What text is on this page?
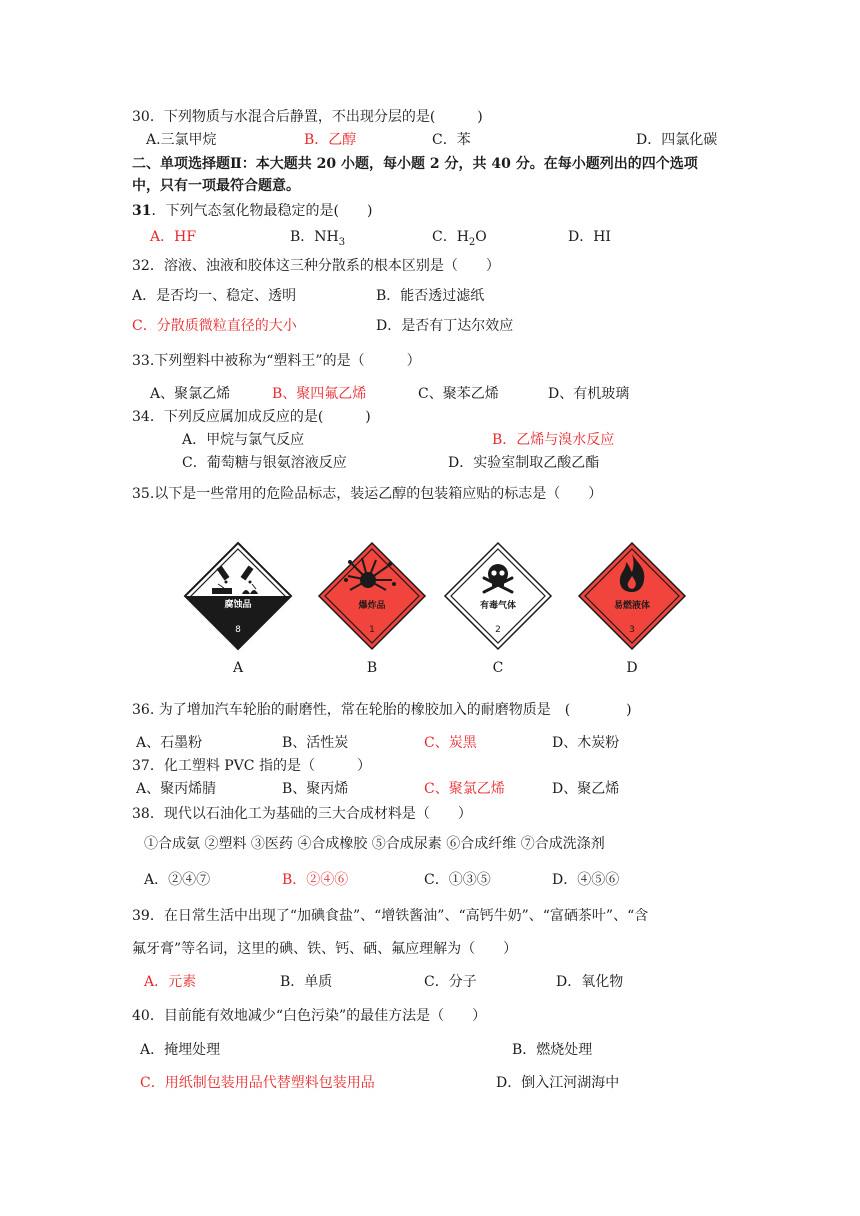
30．下列物质与水混合后静置，不出现分层的是(　　　)
A.三氯甲烷	B．乙醇	C．苯	D．四氯化碳
二、单项选择题Ⅱ：本大题共 20 小题，每小题 2 分，共 40 分。在每小题列出的四个选项
中，只有一项最符合题意。
31．下列气态氢化物最稳定的是(　　)
A．HF	B．$NH_3$	C．$H_2O$	D．HI
32．溶液、浊液和胶体这三种分散系的根本区别是（　　）
A．是否均一、稳定、透明	B．能否透过滤纸
C．分散质微粒直径的大小	D．是否有丁达尔效应
33.下列塑料中被称为“塑料王”的是（　　　）
A、聚氯乙烯	B、聚四氟乙烯	C、聚苯乙烯	D、有机玻璃
34．下列反应属加成反应的是(　　　)
A．甲烷与氯气反应	B．乙烯与溴水反应
C．葡萄糖与银氨溶液反应	D．实验室制取乙酸乙酯
35.以下是一些常用的危险品标志，装运乙醇的包装箱应贴的标志是（　　）
腐蚀品
8
爆炸品
1
有毒气体
2
易燃液体
3
A	B	C	D
36. 为了增加汽车轮胎的耐磨性，常在轮胎的橡胶加入的耐磨物质是　(　　　　)
A、石墨粉	B、活性炭	C、炭黑	D、木炭粉
37．化工塑料 PVC 指的是（　　　）
A、聚丙烯腈	B、聚丙烯	C、聚氯乙烯	D、聚乙烯
38．现代以石油化工为基础的三大合成材料是（　　）
①合成氨 ②塑料 ③医药 ④合成橡胶 ⑤合成尿素 ⑥合成纤维 ⑦合成洗涤剂
A．②④⑦	B．②④⑥	C．①③⑤	D．④⑤⑥
39．在日常生活中出现了“加碘食盐”、“增铁酱油”、“高钙牛奶”、“富硒茶叶”、“含
氟牙膏”等名词，这里的碘、铁、钙、硒、氟应理解为（　　）
A．元素	B．单质	C．分子	D．氧化物
40．目前能有效地减少“白色污染”的最佳方法是（　　）
A．掩埋处理	B．燃烧处理
C．用纸制包装用品代替塑料包装用品	D．倒入江河湖海中
